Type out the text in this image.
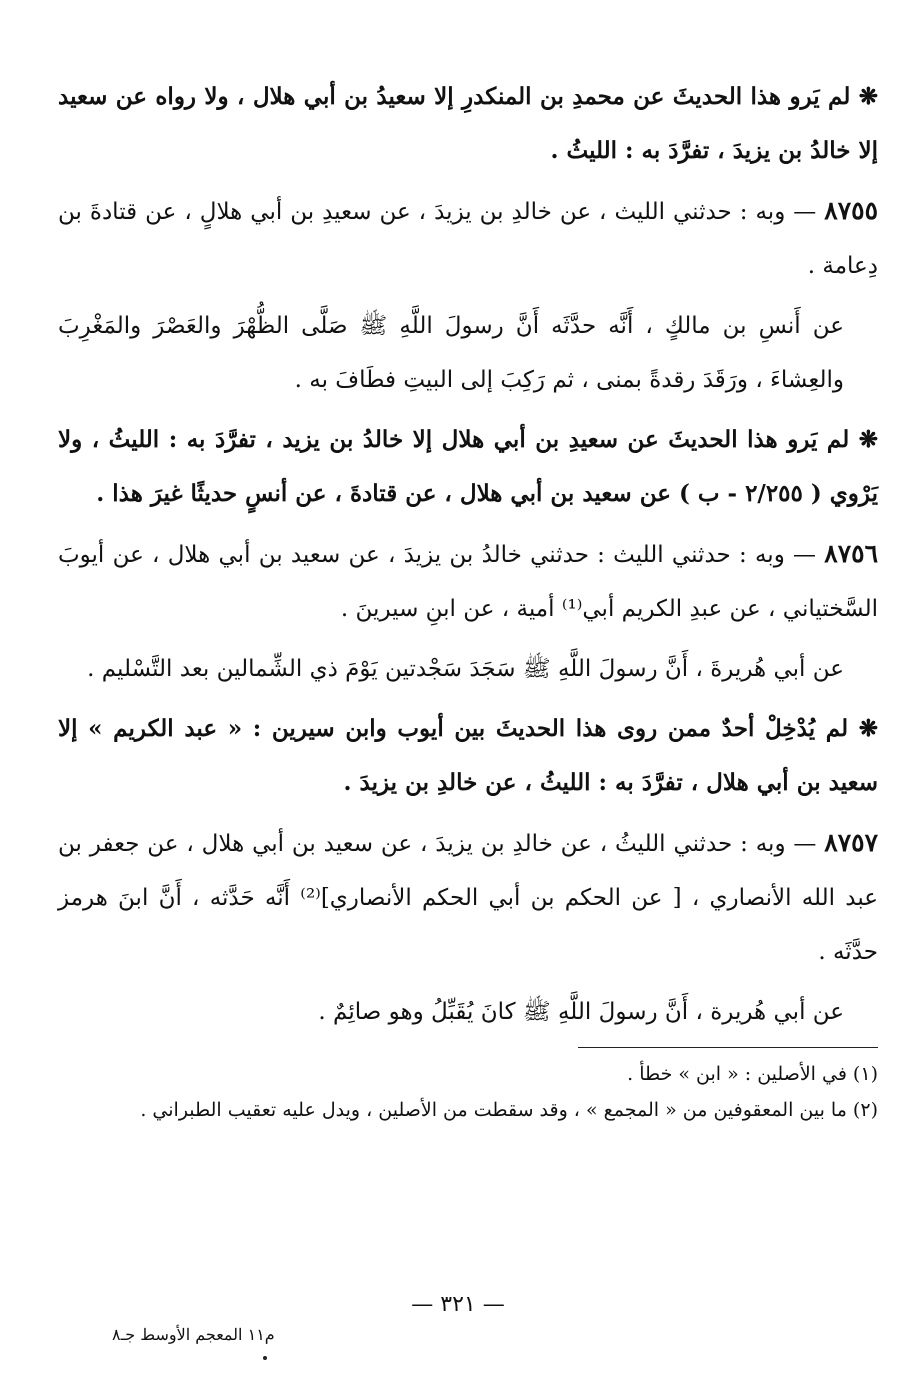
❋ لم يَرو هذا الحديثَ عن محمدِ بن المنكدرِ إلا سعيدُ بن أبي هلال ، ولا رواه عن سعيد إلا خالدُ بن يزيدَ ، تفرَّدَ به : الليثُ .

٨٧٥٥ — وبه : حدثني الليث ، عن خالدِ بن يزيدَ ، عن سعيدِ بن أبي هلالٍ ، عن قتادةَ بن دِعامة .

عن أَنسِ بن مالكٍ ، أَنَّه حدَّثَه أَنَّ رسولَ اللَّهِ ﷺ صَلَّى الظُّهْرَ والعَصْرَ والمَغْرِبَ والعِشاءَ ، ورَقَدَ رقدةً بمنى ، ثم رَكِبَ إلى البيتِ فطَافَ به .

❋ لم يَرو هذا الحديثَ عن سعيدِ بن أبي هلال إلا خالدُ بن يزيد ، تفرَّدَ به : الليثُ ، ولا يَرْوي ( ٢/٢٥٥ - ب ) عن سعيد بن أبي هلال ، عن قتادةَ ، عن أنسٍ حديثًا غيرَ هذا .

٨٧٥٦ — وبه : حدثني الليث : حدثني خالدُ بن يزيدَ ، عن سعيد بن أبي هلال ، عن أيوبَ السَّختياني ، عن عبدِ الكريم أبي⁽¹⁾ أمية ، عن ابنِ سيرينَ .

عن أبي هُريرةَ ، أَنَّ رسولَ اللَّهِ ﷺ سَجَدَ سَجْدتين يَوْمَ ذي الشِّمالين بعد التَّسْليم .

❋ لم يُدْخِلْ أحدٌ ممن روى هذا الحديثَ بين أيوب وابن سيرين : « عبد الكريم » إلا سعيد بن أبي هلال ، تفرَّدَ به : الليثُ ، عن خالدِ بن يزيدَ .

٨٧٥٧ — وبه : حدثني الليثُ ، عن خالدِ بن يزيدَ ، عن سعيد بن أبي هلال ، عن جعفر بن عبد الله الأنصاري ، [ عن الحكم بن أبي الحكم الأنصاري]⁽²⁾ أَنَّه حَدَّثه ، أَنَّ ابنَ هرمز حدَّثَه .

عن أبي هُريرة ، أَنَّ رسولَ اللَّهِ ﷺ كانَ يُقَبِّلُ وهو صائِمٌ .

(١) في الأصلين : « ابن » خطأ .

(٢) ما بين المعقوفين من « المجمع » ، وقد سقطت من الأصلين ، ويدل عليه تعقيب الطبراني .

— ٣٢١ —
م١١ المعجم الأوسط جـ٨
